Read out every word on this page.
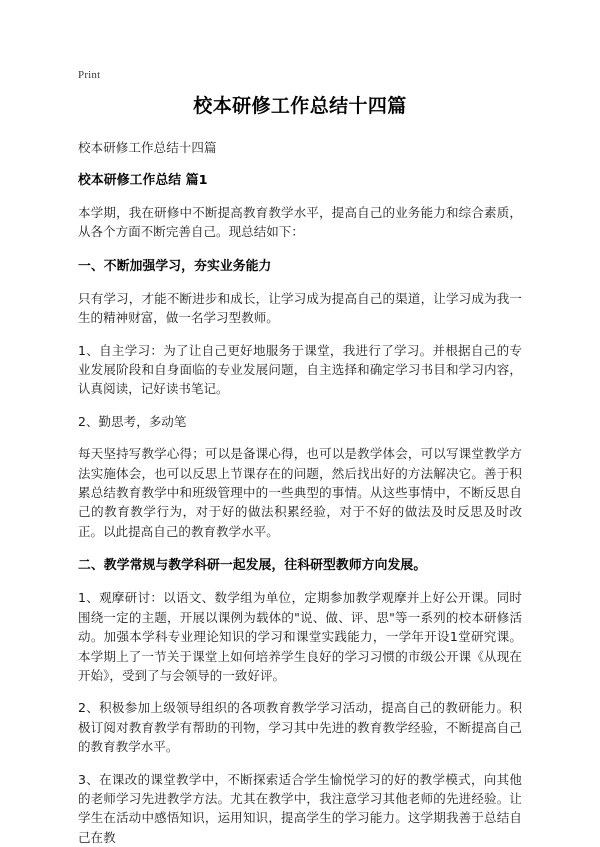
Print
校本研修工作总结十四篇

校本研修工作总结十四篇

校本研修工作总结 篇1

本学期，我在研修中不断提高教育教学水平，提高自己的业务能力和综合素质，从各个方面不断完善自己。现总结如下：

一、不断加强学习，夯实业务能力

只有学习，才能不断进步和成长，让学习成为提高自己的渠道，让学习成为我一生的精神财富，做一名学习型教师。

1、自主学习：为了让自己更好地服务于课堂，我进行了学习。并根据自己的专业发展阶段和自身面临的专业发展问题，自主选择和确定学习书目和学习内容，认真阅读，记好读书笔记。

2、勤思考，多动笔

每天坚持写教学心得；可以是备课心得，也可以是教学体会，可以写课堂教学方法实施体会，也可以反思上节课存在的问题，然后找出好的方法解决它。善于积累总结教育教学中和班级管理中的一些典型的事情。从这些事情中，不断反思自己的教育教学行为，对于好的做法积累经验，对于不好的做法及时反思及时改正。以此提高自己的教育教学水平。

二、教学常规与教学科研一起发展，往科研型教师方向发展。

1、观摩研讨：以语文、数学组为单位，定期参加教学观摩并上好公开课。同时围绕一定的主题，开展以课例为载体的"说、做、评、思"等一系列的校本研修活动。加强本学科专业理论知识的学习和课堂实践能力，一学年开设1堂研究课。本学期上了一节关于课堂上如何培养学生良好的学习习惯的市级公开课《从现在开始》，受到了与会领导的一致好评。

2、积极参加上级领导组织的各项教育教学学习活动，提高自己的教研能力。积极订阅对教育教学有帮助的刊物，学习其中先进的教育教学经验，不断提高自己的教育教学水平。

3、在课改的课堂教学中，不断探索适合学生愉悦学习的好的教学模式，向其他的老师学习先进教学方法。尤其在教学中，我注意学习其他老师的先进经验。让学生在活动中感悟知识，运用知识，提高学生的学习能力。这学期我善于总结自己在教
